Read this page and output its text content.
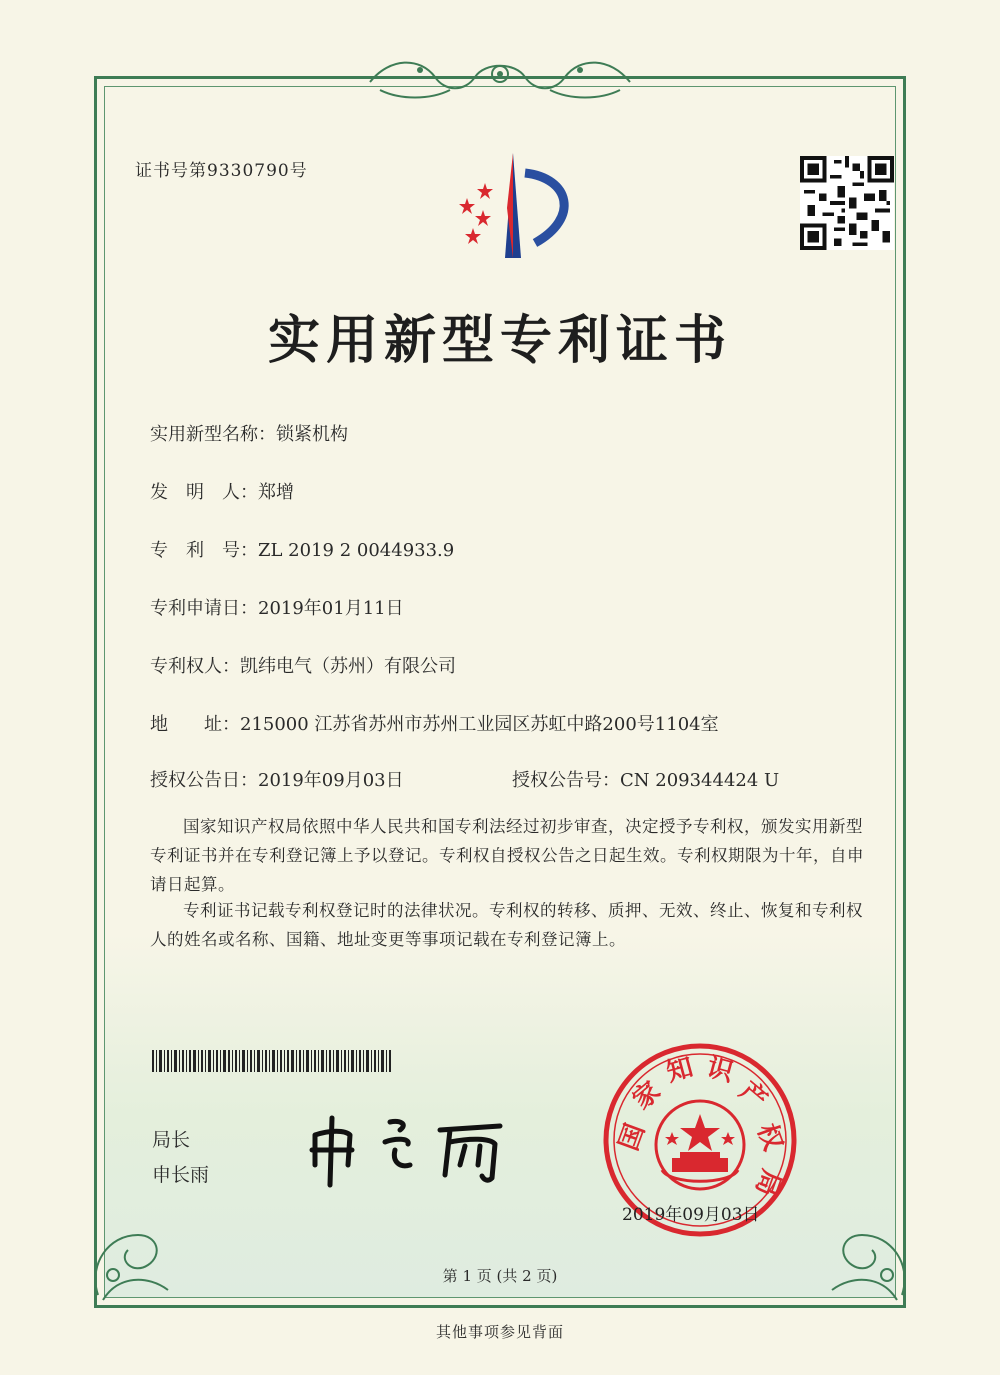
证书号第9330790号
实用新型专利证书
实用新型名称：锁紧机构
发　明　人：郑增
专　利　号：ZL 2019 2 0044933.9
专利申请日：2019年01月11日
专利权人：凯纬电气（苏州）有限公司
地　　址：215000 江苏省苏州市苏州工业园区苏虹中路200号1104室
授权公告日：2019年09月03日	授权公告号：CN 209344424 U
国家知识产权局依照中华人民共和国专利法经过初步审查，决定授予专利权，颁发实用新型专利证书并在专利登记簿上予以登记。专利权自授权公告之日起生效。专利权期限为十年，自申请日起算。
专利证书记载专利权登记时的法律状况。专利权的转移、质押、无效、终止、恢复和专利权人的姓名或名称、国籍、地址变更等事项记载在专利登记簿上。
局长
申长雨
国
家
知 识
产
权
局
2019年09月03日
第 1 页 (共 2 页)
其他事项参见背面
